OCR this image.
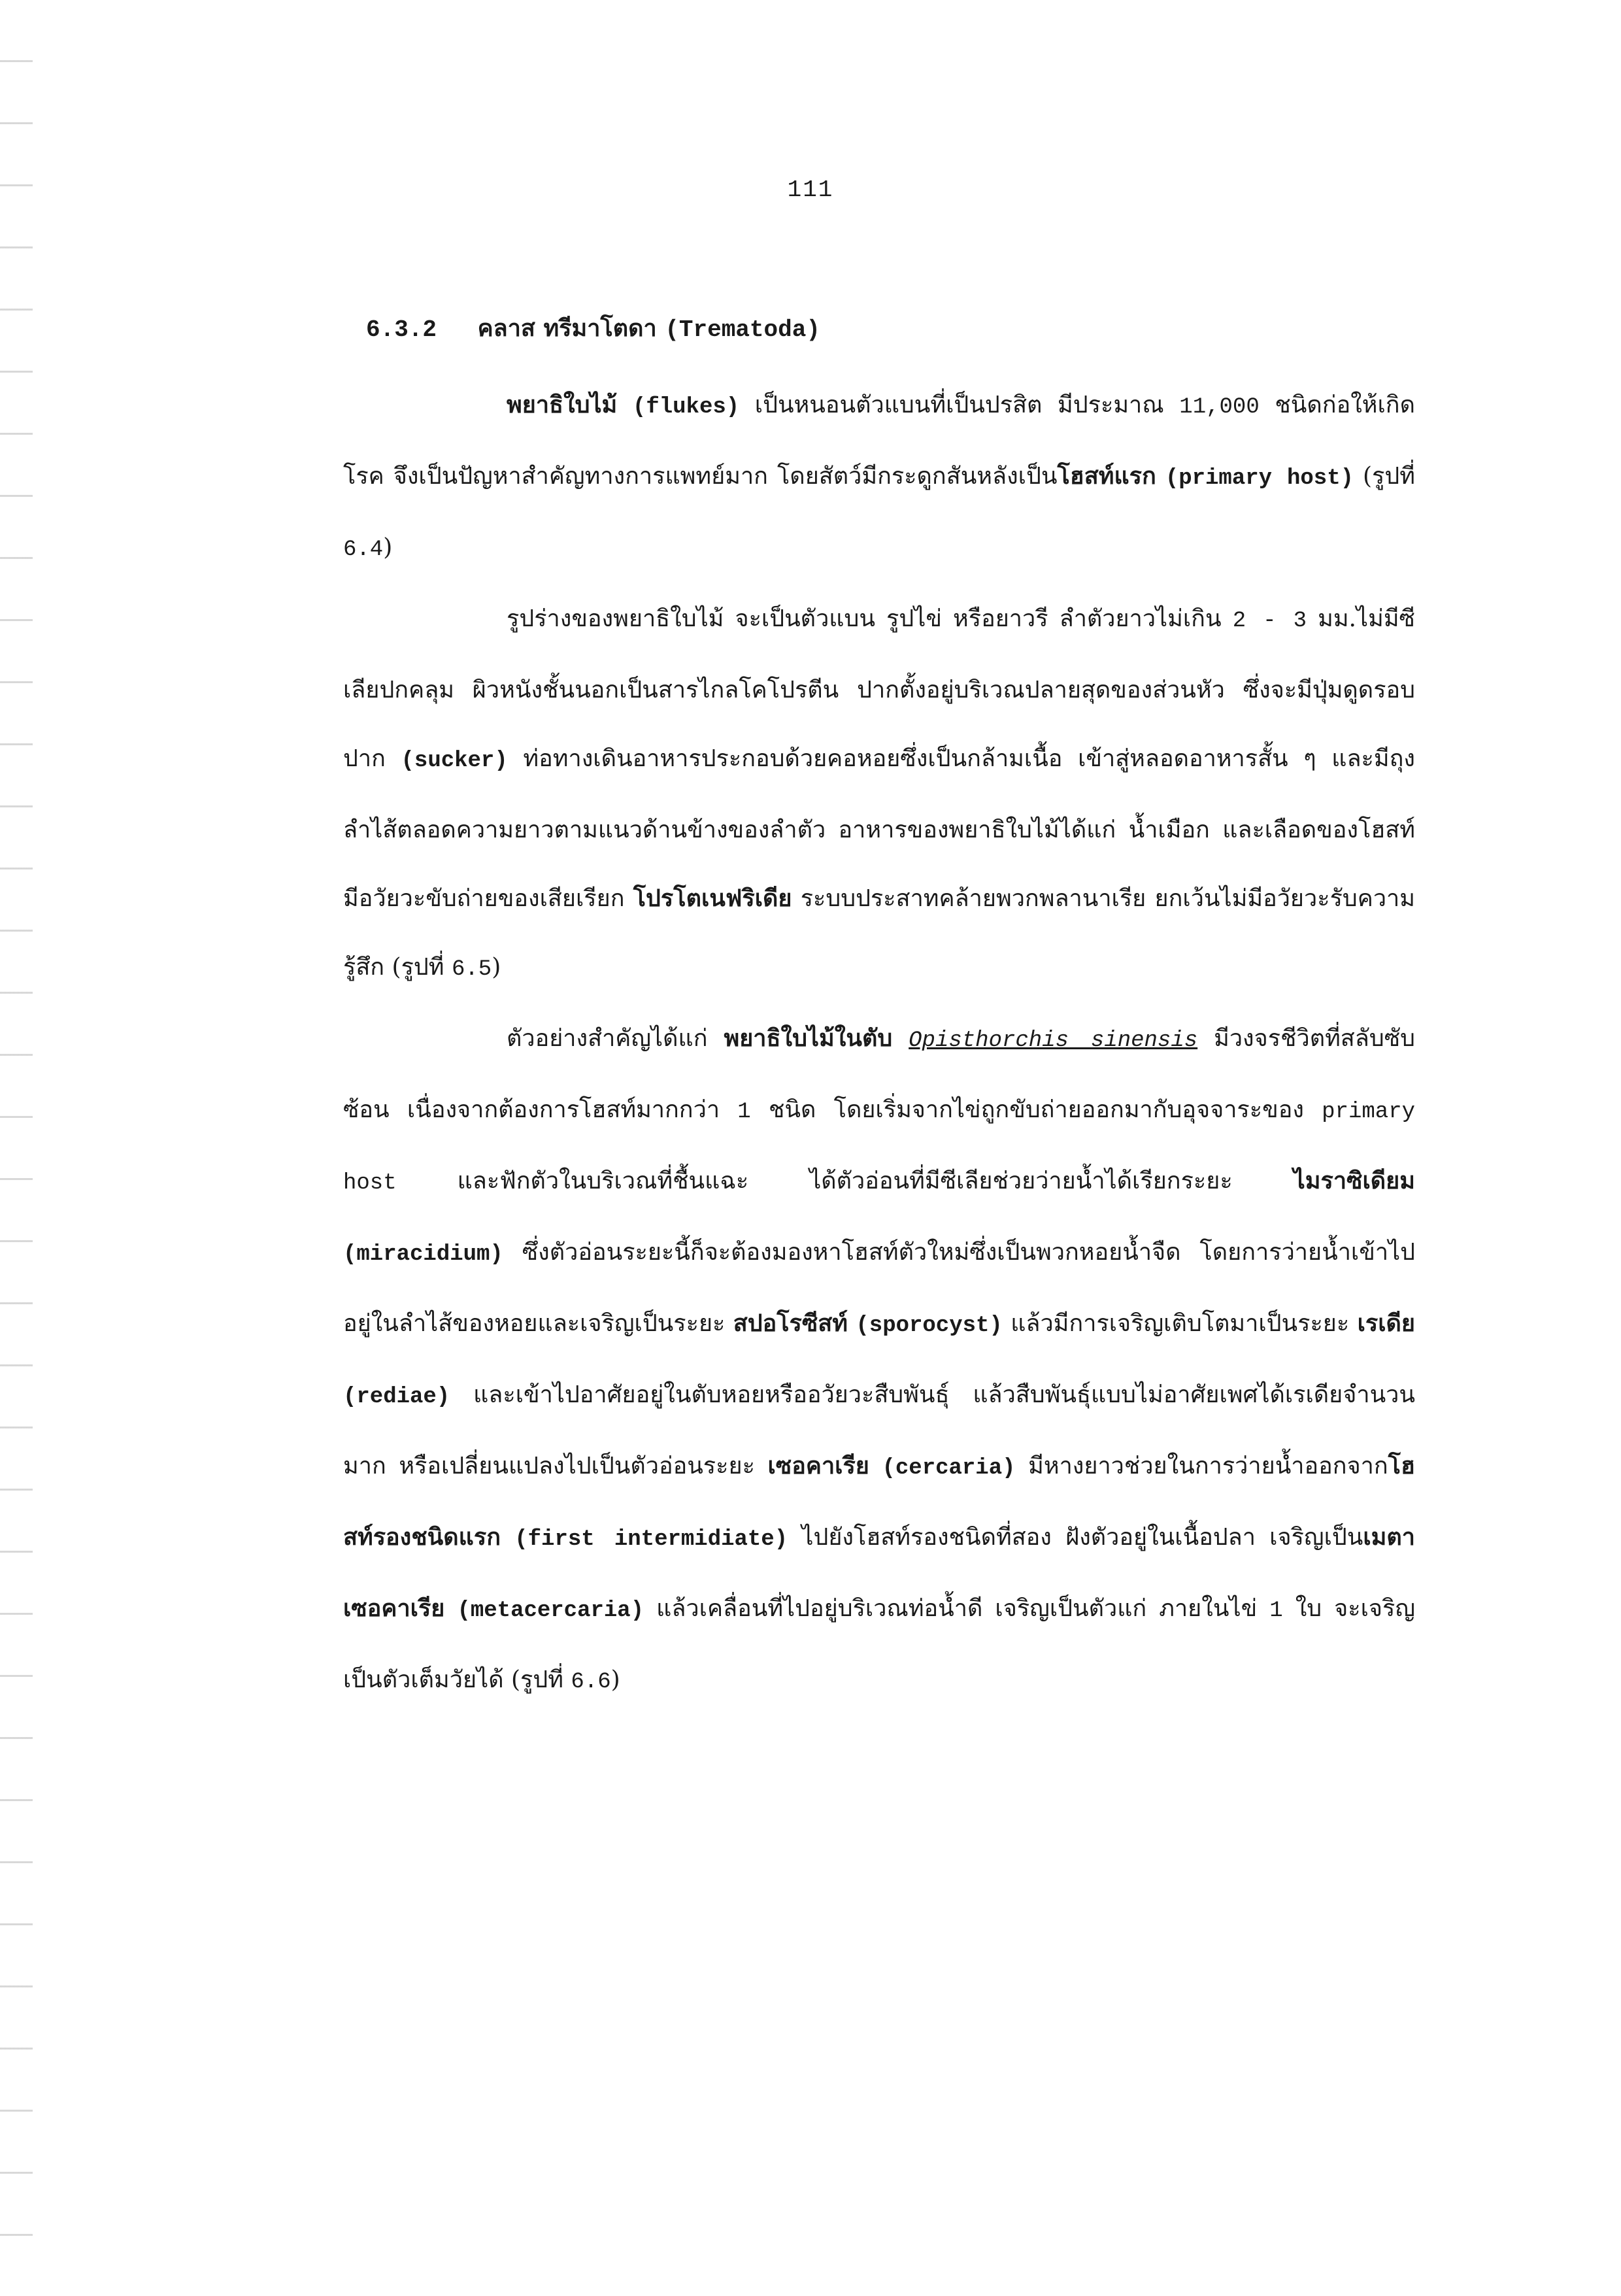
111
6.3.2 คลาส ทรีมาโตดา (Trematoda)

พยาธิใบไม้ (flukes) เป็นหนอนตัวแบนที่เป็นปรสิต มีประมาณ 11,000 ชนิดก่อให้เกิดโรค จึงเป็นปัญหาสำคัญทางการแพทย์มาก โดยสัตว์มีกระดูกสันหลังเป็นโฮสท์แรก (primary host) (รูปที่ 6.4)

รูปร่างของพยาธิใบไม้ จะเป็นตัวแบน รูปไข่ หรือยาวรี ลำตัวยาวไม่เกิน 2 - 3 มม.ไม่มีซีเลียปกคลุม ผิวหนังชั้นนอกเป็นสารไกลโคโปรตีน ปากตั้งอยู่บริเวณปลายสุดของส่วนหัว ซึ่งจะมีปุ่มดูดรอบปาก (sucker) ท่อทางเดินอาหารประกอบด้วยคอหอยซึ่งเป็นกล้ามเนื้อ เข้าสู่หลอดอาหารสั้น ๆ และมีถุงลำไส้ตลอดความยาวตามแนวด้านข้างของลำตัว อาหารของพยาธิใบไม้ได้แก่ น้ำเมือก และเลือดของโฮสท์ มีอวัยวะขับถ่ายของเสียเรียก โปรโตเนฟริเดีย ระบบประสาทคล้ายพวกพลานาเรีย ยกเว้นไม่มีอวัยวะรับความรู้สึก (รูปที่ 6.5)

ตัวอย่างสำคัญได้แก่ พยาธิใบไม้ในตับ Opisthorchis sinensis มีวงจรชีวิตที่สลับซับซ้อน เนื่องจากต้องการโฮสท์มากกว่า 1 ชนิด โดยเริ่มจากไข่ถูกขับถ่ายออกมากับอุจจาระของ primary host และฟักตัวในบริเวณที่ชื้นแฉะ ได้ตัวอ่อนที่มีซีเลียช่วยว่ายน้ำได้เรียกระยะ ไมราซิเดียม (miracidium) ซึ่งตัวอ่อนระยะนี้ก็จะต้องมองหาโฮสท์ตัวใหม่ซึ่งเป็นพวกหอยน้ำจืด โดยการว่ายน้ำเข้าไปอยู่ในลำไส้ของหอยและเจริญเป็นระยะ สปอโรซีสท์ (sporocyst) แล้วมีการเจริญเติบโตมาเป็นระยะ เรเดีย (rediae) และเข้าไปอาศัยอยู่ในตับหอยหรืออวัยวะสืบพันธุ์ แล้วสืบพันธุ์แบบไม่อาศัยเพศได้เรเดียจำนวนมาก หรือเปลี่ยนแปลงไปเป็นตัวอ่อนระยะ เซอคาเรีย (cercaria) มีหางยาวช่วยในการว่ายน้ำออกจากโฮสท์รองชนิดแรก (first intermidiate) ไปยังโฮสท์รองชนิดที่สอง ฝังตัวอยู่ในเนื้อปลา เจริญเป็นเมตาเซอคาเรีย (metacercaria) แล้วเคลื่อนที่ไปอยู่บริเวณท่อน้ำดี เจริญเป็นตัวแก่ ภายในไข่ 1 ใบ จะเจริญเป็นตัวเต็มวัยได้ (รูปที่ 6.6)
